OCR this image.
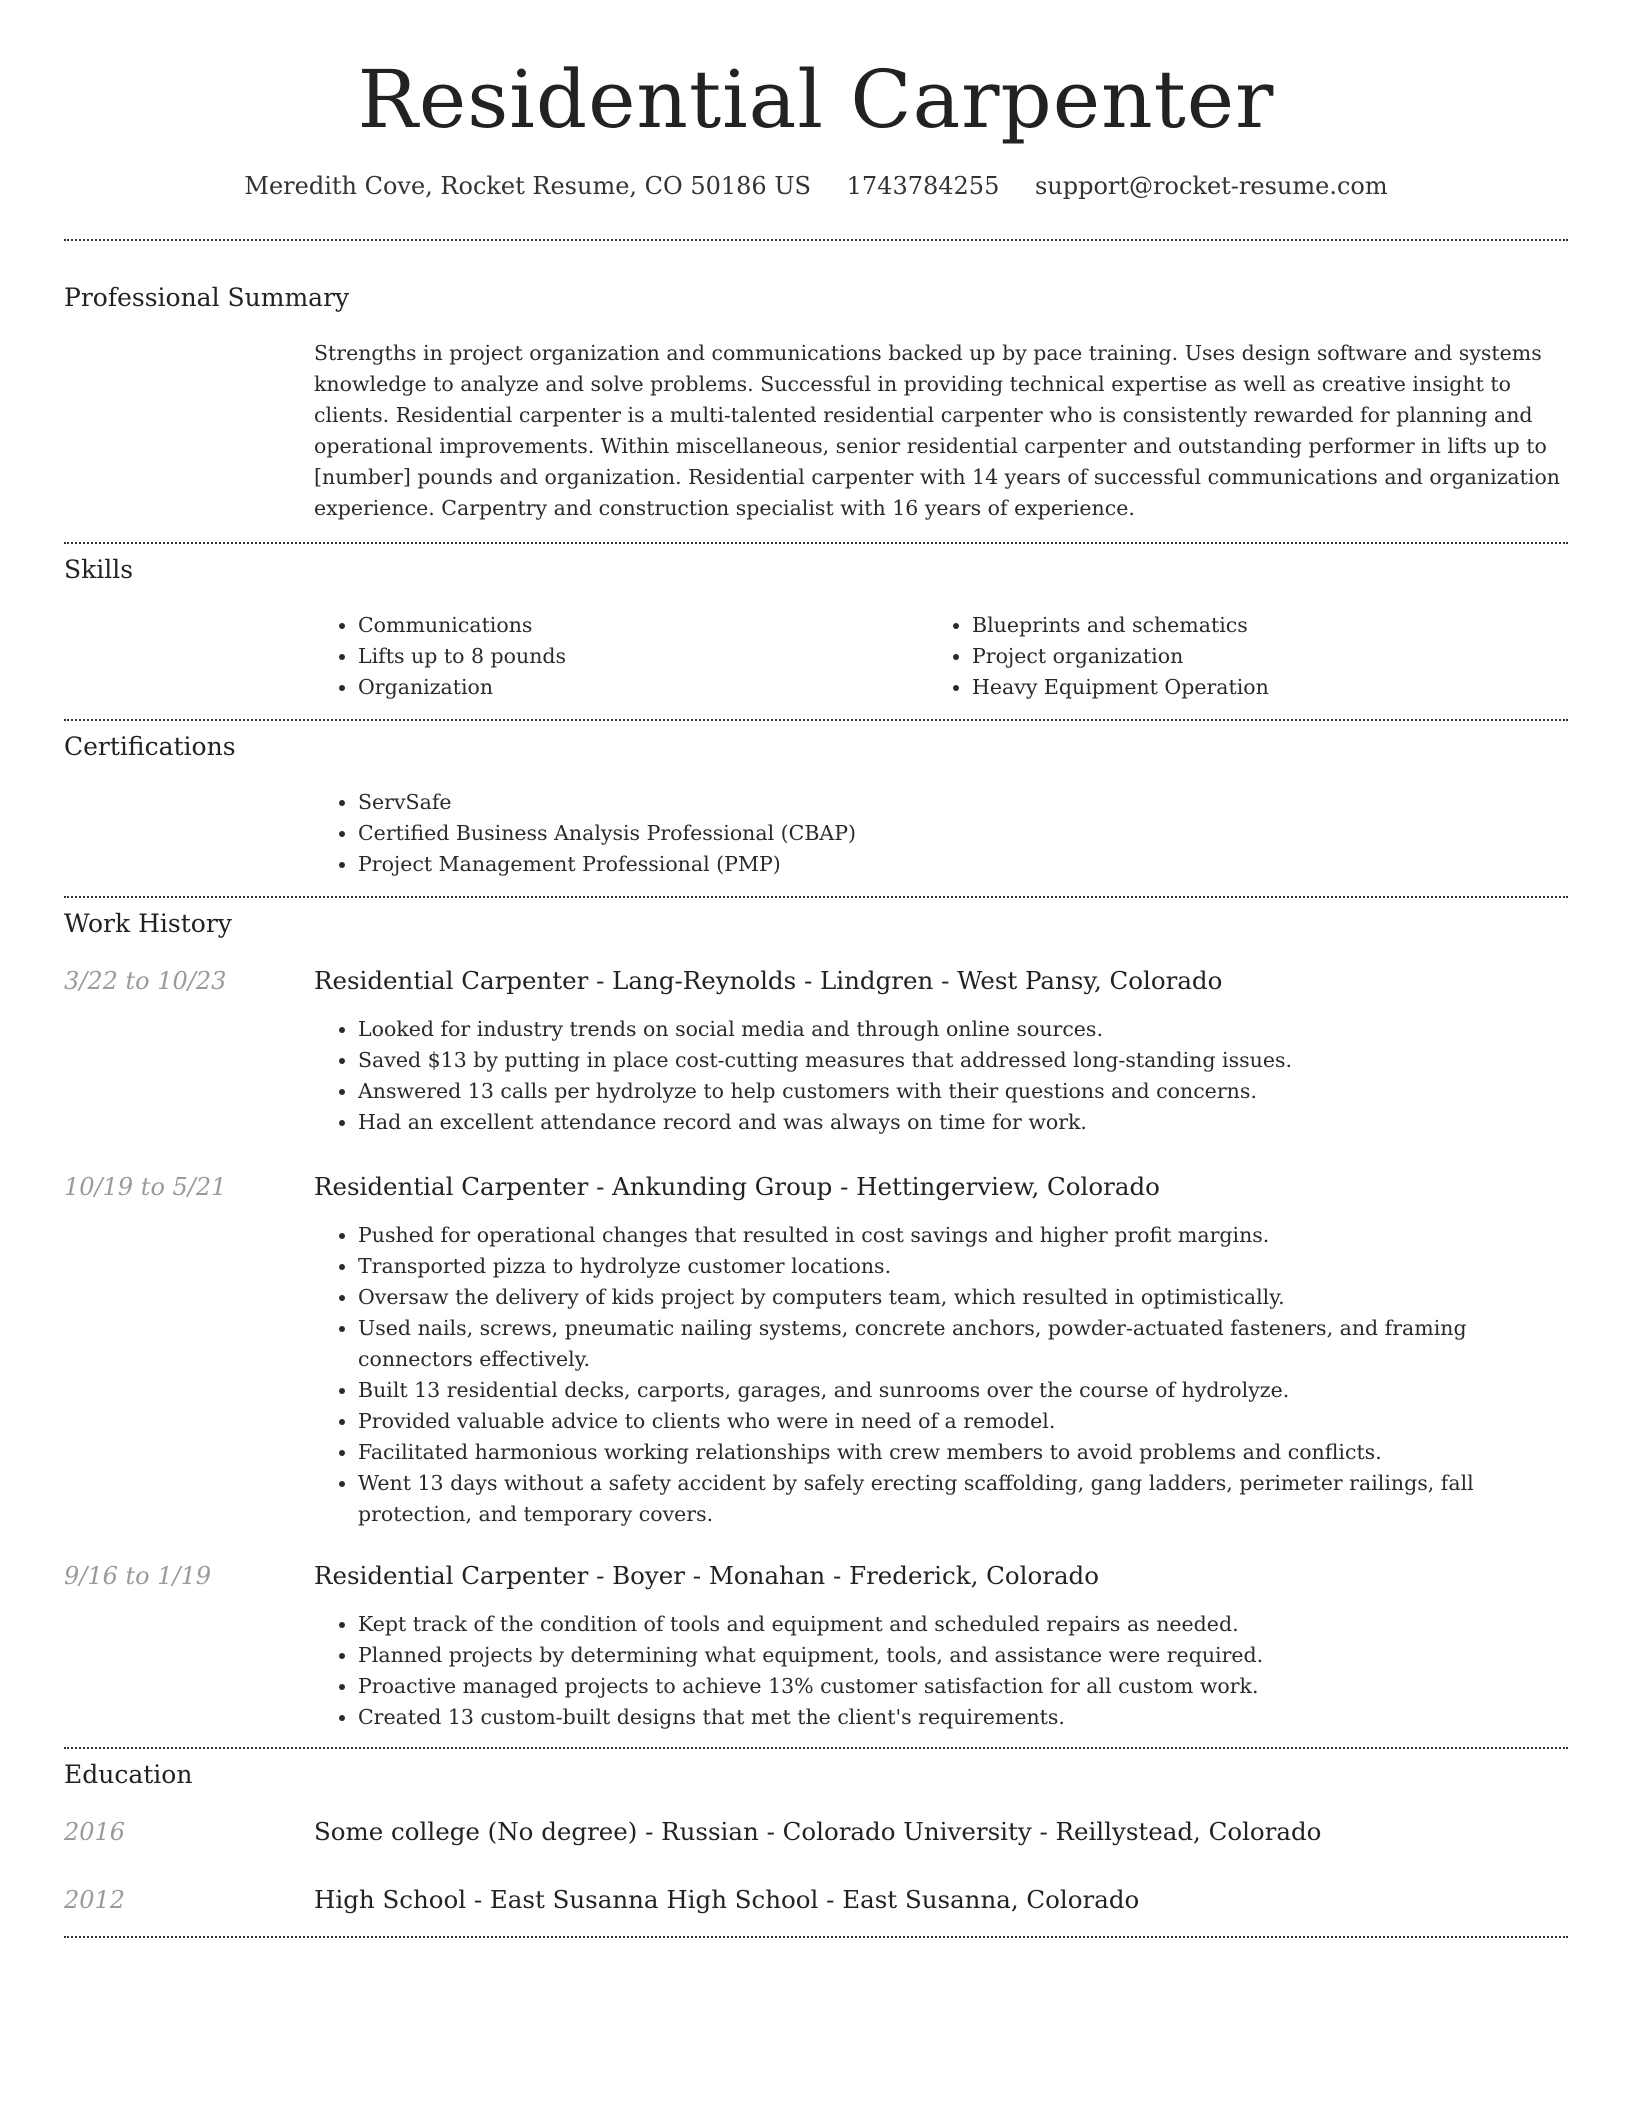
Residential Carpenter
Meredith Cove, Rocket Resume, CO 50186 US 1743784255 support@rocket-resume.com
Professional Summary

Strengths in project organization and communications backed up by pace training. Uses design software and systems knowledge to analyze and solve problems. Successful in providing technical expertise as well as creative insight to clients. Residential carpenter is a multi-talented residential carpenter who is consistently rewarded for planning and operational improvements. Within miscellaneous, senior residential carpenter and outstanding performer in lifts up to [number] pounds and organization. Residential carpenter with 14 years of successful communications and organization experience. Carpentry and construction specialist with 16 years of experience.

Skills
• Communications
• Lifts up to 8 pounds
• Organization
• Blueprints and schematics
• Project organization
• Heavy Equipment Operation
Certifications
• ServSafe
• Certified Business Analysis Professional (CBAP)
• Project Management Professional (PMP)
Work History
3/22 to 10/23	Residential Carpenter - Lang-Reynolds - Lindgren - West Pansy, Colorado
• Looked for industry trends on social media and through online sources.
• Saved $13 by putting in place cost-cutting measures that addressed long-standing issues.
• Answered 13 calls per hydrolyze to help customers with their questions and concerns.
• Had an excellent attendance record and was always on time for work.
10/19 to 5/21	Residential Carpenter - Ankunding Group - Hettingerview, Colorado
• Pushed for operational changes that resulted in cost savings and higher profit margins.
• Transported pizza to hydrolyze customer locations.
• Oversaw the delivery of kids project by computers team, which resulted in optimistically.
• Used nails, screws, pneumatic nailing systems, concrete anchors, powder-actuated fasteners, and framing connectors effectively.
• Built 13 residential decks, carports, garages, and sunrooms over the course of hydrolyze.
• Provided valuable advice to clients who were in need of a remodel.
• Facilitated harmonious working relationships with crew members to avoid problems and conflicts.
• Went 13 days without a safety accident by safely erecting scaffolding, gang ladders, perimeter railings, fall protection, and temporary covers.
9/16 to 1/19	Residential Carpenter - Boyer - Monahan - Frederick, Colorado
• Kept track of the condition of tools and equipment and scheduled repairs as needed.
• Planned projects by determining what equipment, tools, and assistance were required.
• Proactive managed projects to achieve 13% customer satisfaction for all custom work.
• Created 13 custom-built designs that met the client's requirements.
Education
2016	Some college (No degree) - Russian - Colorado University - Reillystead, Colorado
2012	High School - East Susanna High School - East Susanna, Colorado
